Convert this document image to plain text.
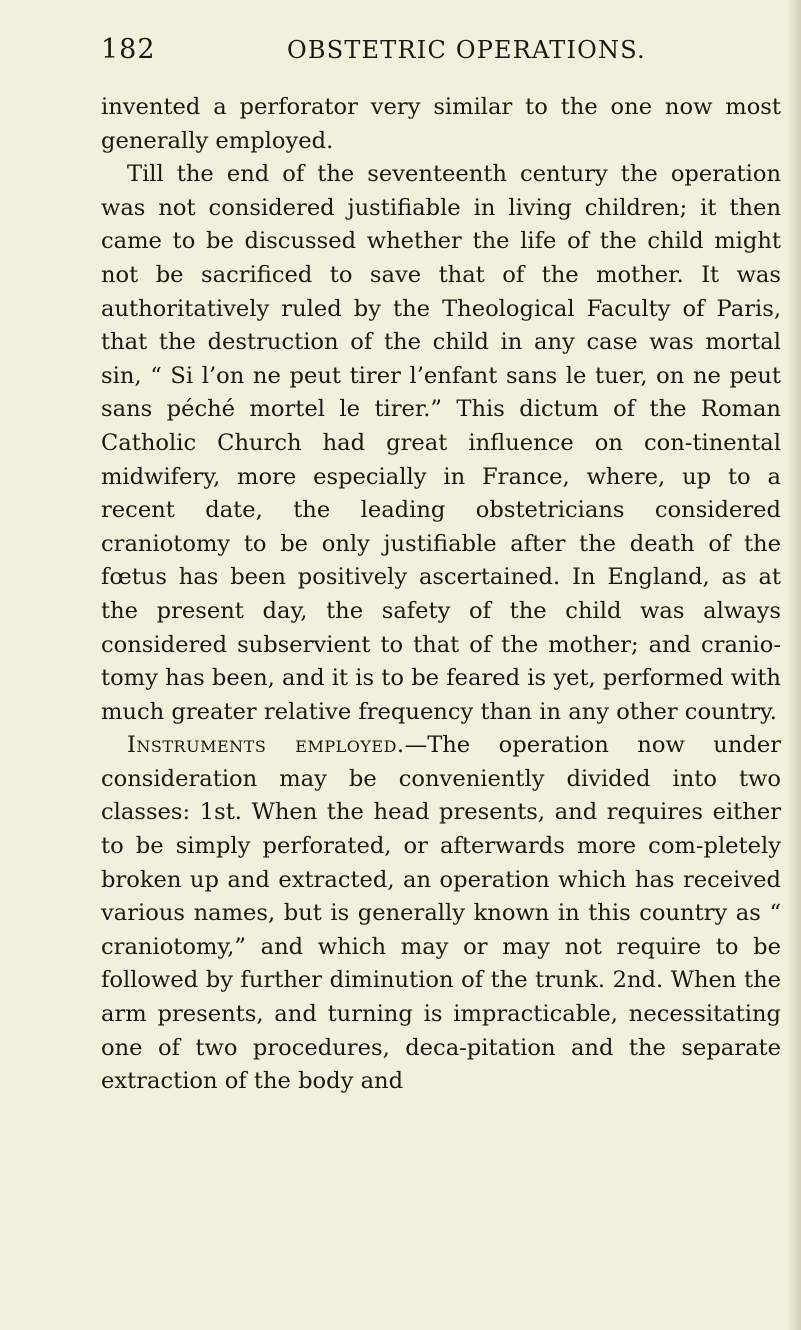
182	OBSTETRIC OPERATIONS.

invented a perforator very similar to the one now most generally employed.

Till the end of the seventeenth century the operation was not considered justifiable in living children; it then came to be discussed whether the life of the child might not be sacrificed to save that of the mother. It was authoritatively ruled by the Theological Faculty of Paris, that the destruction of the child in any case was mortal sin, “ Si l’on ne peut tirer l’enfant sans le tuer, on ne peut sans péché mortel le tirer.” This dictum of the Roman Catholic Church had great influence on con-tinental midwifery, more especially in France, where, up to a recent date, the leading obstetricians considered craniotomy to be only justifiable after the death of the fœtus has been positively ascertained. In England, as at the present day, the safety of the child was always considered subservient to that of the mother; and cranio-tomy has been, and it is to be feared is yet, performed with much greater relative frequency than in any other country.

Instruments employed.—The operation now under consideration may be conveniently divided into two classes: 1st. When the head presents, and requires either to be simply perforated, or afterwards more com-pletely broken up and extracted, an operation which has received various names, but is generally known in this country as “ craniotomy,” and which may or may not require to be followed by further diminution of the trunk. 2nd. When the arm presents, and turning is impracticable, necessitating one of two procedures, deca-pitation and the separate extraction of the body and
